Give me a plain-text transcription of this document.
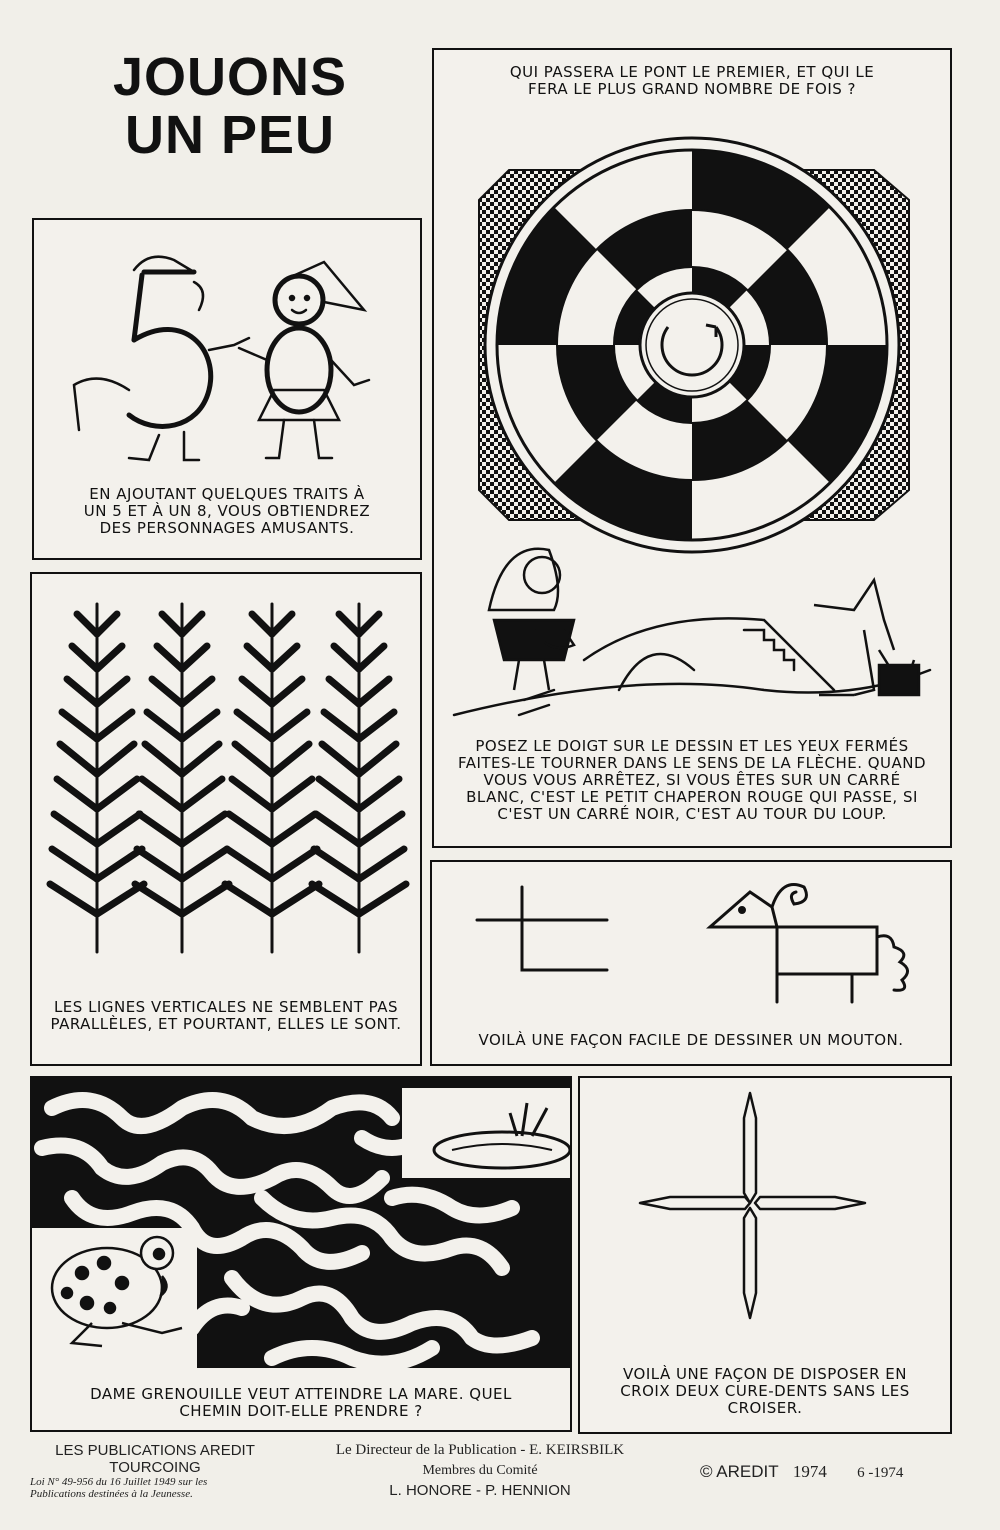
JOUONS
UN PEU
EN AJOUTANT QUELQUES TRAITS À UN 5 ET À UN 8, VOUS OBTIENDREZ DES PERSONNAGES AMUSANTS.
LES LIGNES VERTICALES NE SEMBLENT PAS PARALLÈLES, ET POURTANT, ELLES LE SONT.
QUI PASSERA LE PONT LE PREMIER, ET QUI LE FERA LE PLUS GRAND NOMBRE DE FOIS ?
POSEZ LE DOIGT SUR LE DESSIN ET LES YEUX FERMÉS FAITES-LE TOURNER DANS LE SENS DE LA FLÈCHE. QUAND VOUS VOUS ARRÊTEZ, SI VOUS ÊTES SUR UN CARRÉ BLANC, C'EST LE PETIT CHAPERON ROUGE QUI PASSE, SI C'EST UN CARRÉ NOIR, C'EST AU TOUR DU LOUP.
VOILÀ UNE FAÇON FACILE DE DESSINER UN MOUTON.
DAME GRENOUILLE VEUT ATTEINDRE LA MARE. QUEL CHEMIN DOIT-ELLE PRENDRE ?
VOILÀ UNE FAÇON DE DISPOSER EN CROIX DEUX CURE-DENTS SANS LES CROISER.
LES PUBLICATIONS AREDIT
TOURCOING
Loi N° 49-956 du 16 Juillet 1949 sur les
Publications destinées à la Jeunesse.
Le Directeur de la Publication - E. KEIRSBILK
Membres du Comité
L. HONORE - P. HENNION
© AREDIT 1974 6 -1974
